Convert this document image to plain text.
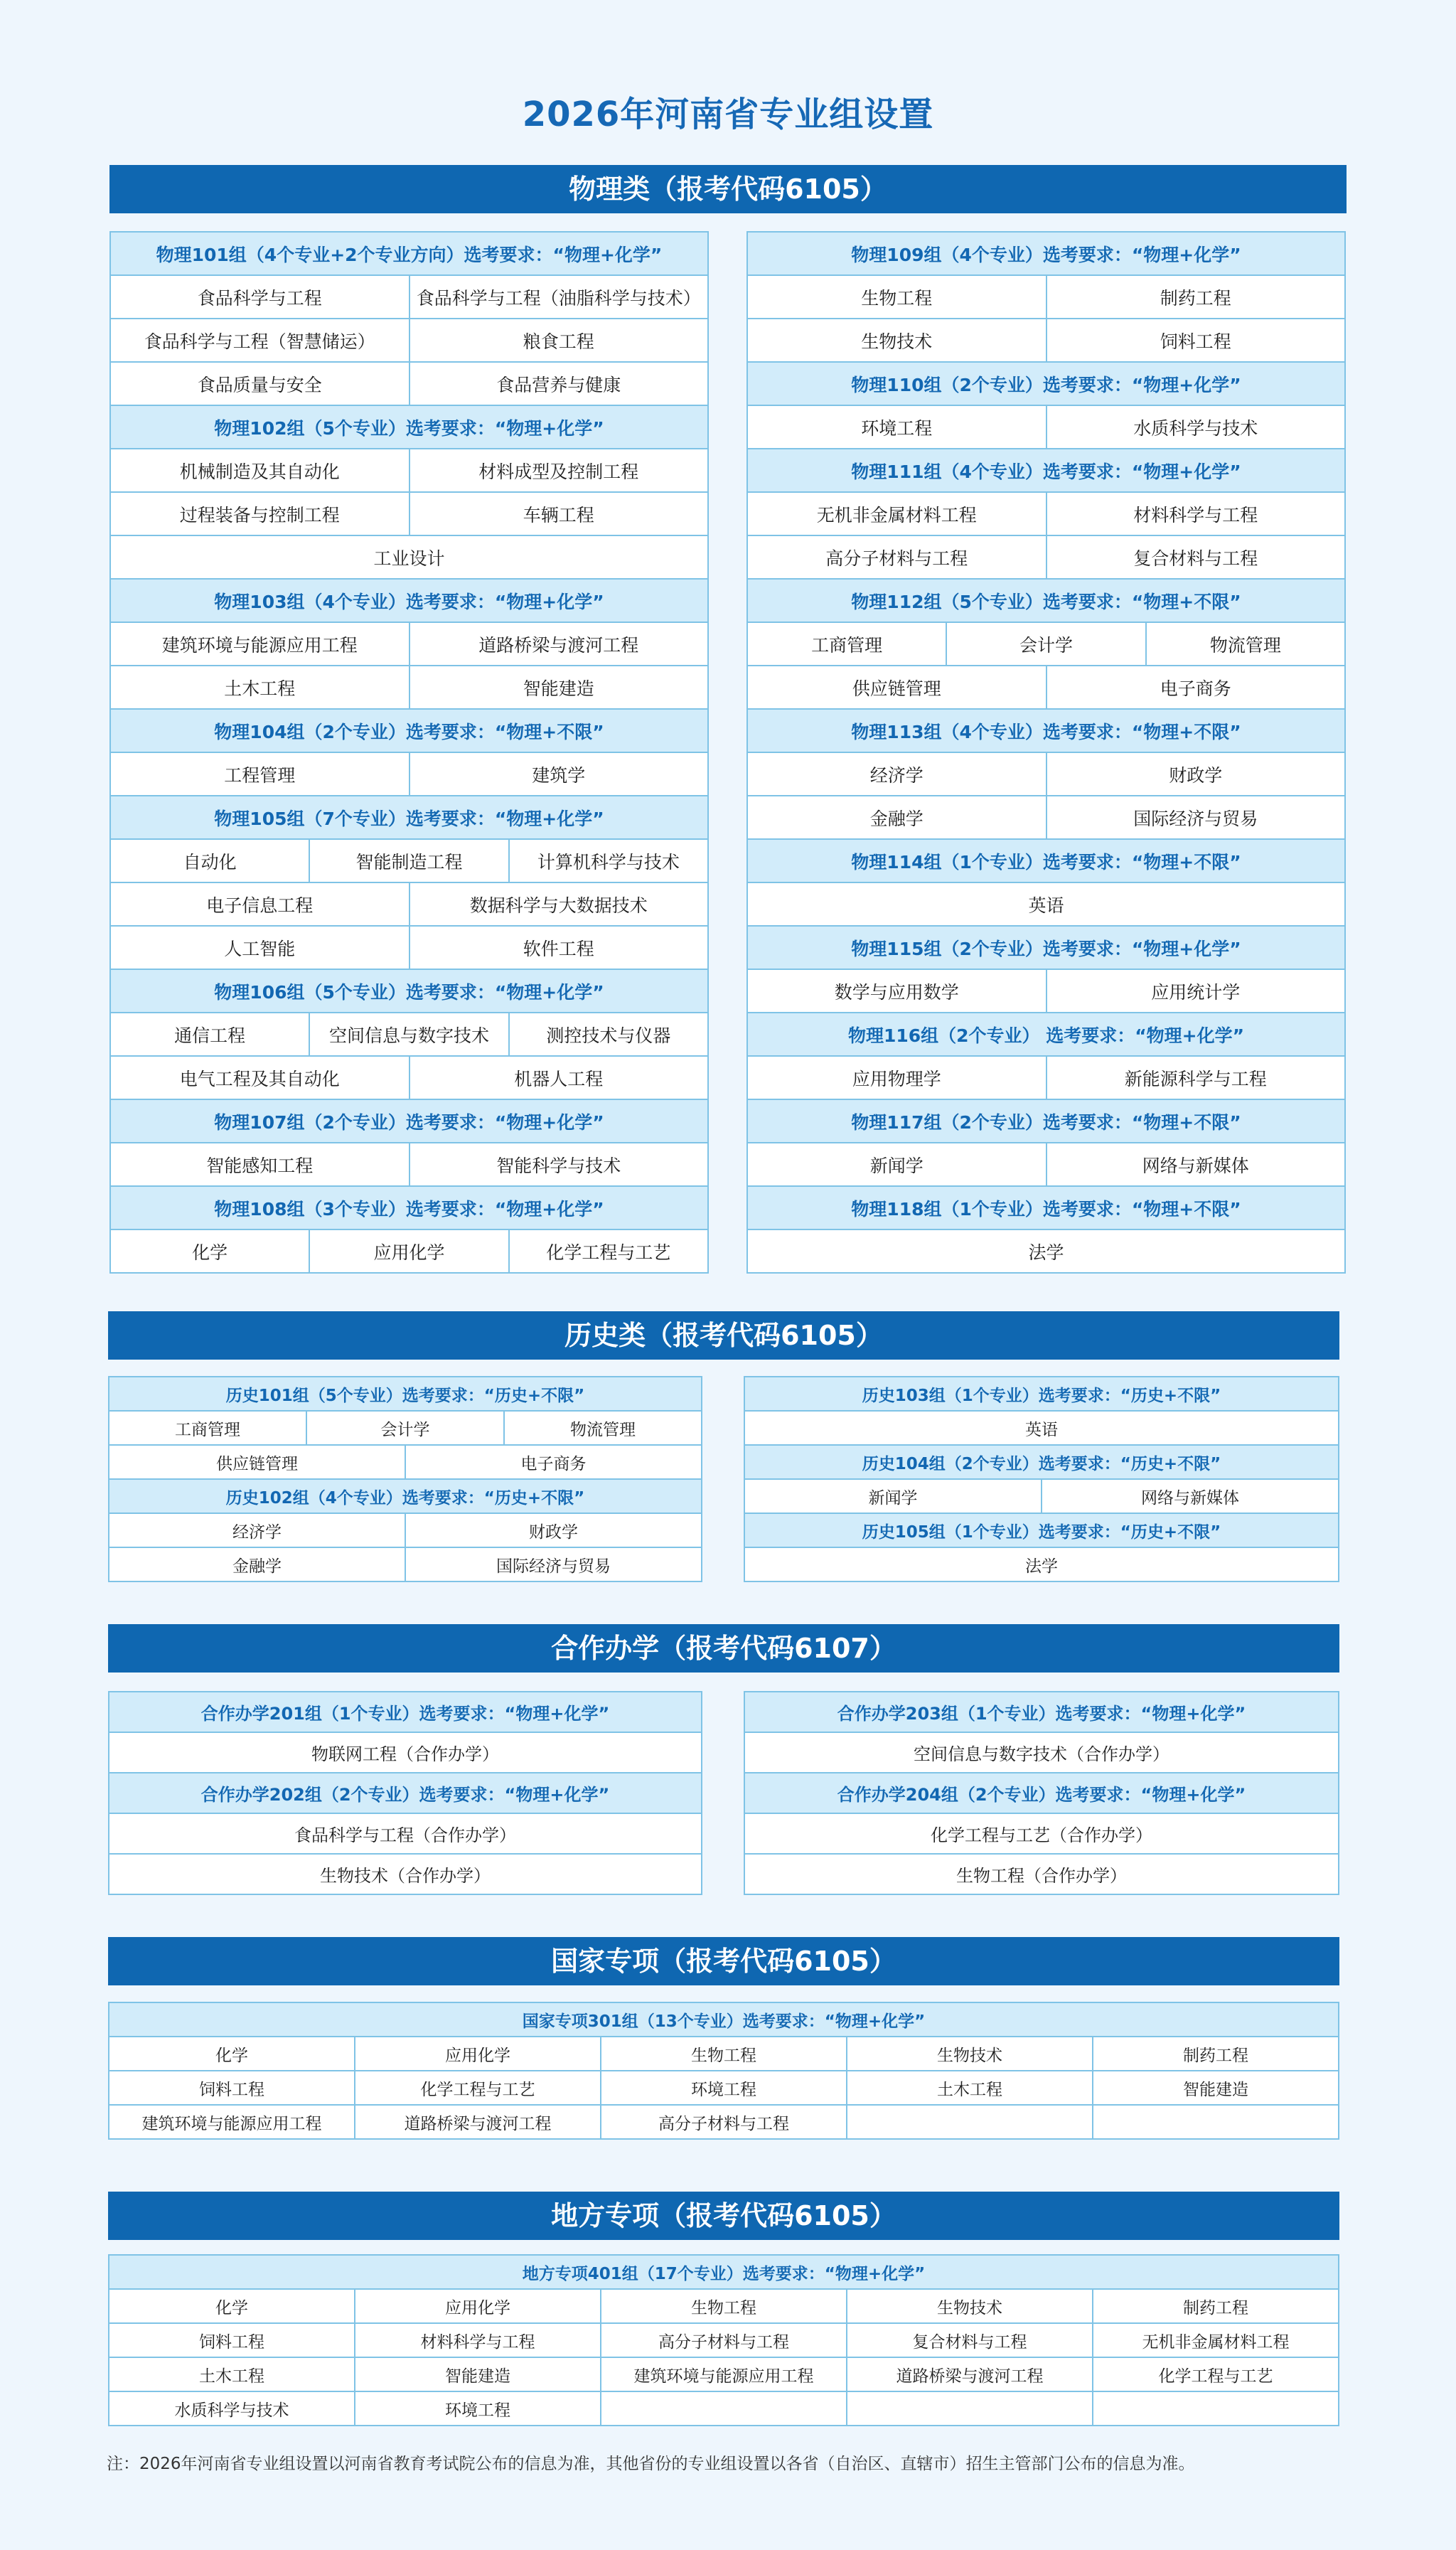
2026年河南省专业组设置
物理类（报考代码6105）
物理101组（4个专业+2个专业方向）选考要求：“物理+化学”
食品科学与工程	食品科学与工程（油脂科学与技术）
食品科学与工程（智慧储运）	粮食工程
食品质量与安全	食品营养与健康
物理102组（5个专业）选考要求：“物理+化学”
机械制造及其自动化	材料成型及控制工程
过程装备与控制工程	车辆工程
工业设计
物理103组（4个专业）选考要求：“物理+化学”
建筑环境与能源应用工程	道路桥梁与渡河工程
土木工程	智能建造
物理104组（2个专业）选考要求：“物理+不限”
工程管理	建筑学
物理105组（7个专业）选考要求：“物理+化学”
自动化	智能制造工程	计算机科学与技术
电子信息工程	数据科学与大数据技术
人工智能	软件工程
物理106组（5个专业）选考要求：“物理+化学”
通信工程	空间信息与数字技术	测控技术与仪器
电气工程及其自动化	机器人工程
物理107组（2个专业）选考要求：“物理+化学”
智能感知工程	智能科学与技术
物理108组（3个专业）选考要求：“物理+化学”
化学	应用化学	化学工程与工艺
物理109组（4个专业）选考要求：“物理+化学”
生物工程	制药工程
生物技术	饲料工程
物理110组（2个专业）选考要求：“物理+化学”
环境工程	水质科学与技术
物理111组（4个专业）选考要求：“物理+化学”
无机非金属材料工程	材料科学与工程
高分子材料与工程	复合材料与工程
物理112组（5个专业）选考要求：“物理+不限”
工商管理	会计学	物流管理
供应链管理	电子商务
物理113组（4个专业）选考要求：“物理+不限”
经济学	财政学
金融学	国际经济与贸易
物理114组（1个专业）选考要求：“物理+不限”
英语
物理115组（2个专业）选考要求：“物理+化学”
数学与应用数学	应用统计学
物理116组（2个专业） 选考要求：“物理+化学”
应用物理学	新能源科学与工程
物理117组（2个专业）选考要求：“物理+不限”
新闻学	网络与新媒体
物理118组（1个专业）选考要求：“物理+不限”
法学
历史类（报考代码6105）
历史101组（5个专业）选考要求：“历史+不限”
工商管理	会计学	物流管理
供应链管理	电子商务
历史102组（4个专业）选考要求：“历史+不限”
经济学	财政学
金融学	国际经济与贸易
历史103组（1个专业）选考要求：“历史+不限”
英语
历史104组（2个专业）选考要求：“历史+不限”
新闻学	网络与新媒体
历史105组（1个专业）选考要求：“历史+不限”
法学
合作办学（报考代码6107）
合作办学201组（1个专业）选考要求：“物理+化学”
物联网工程（合作办学）
合作办学202组（2个专业）选考要求：“物理+化学”
食品科学与工程（合作办学）
生物技术（合作办学）
合作办学203组（1个专业）选考要求：“物理+化学”
空间信息与数字技术（合作办学）
合作办学204组（2个专业）选考要求：“物理+化学”
化学工程与工艺（合作办学）
生物工程（合作办学）
国家专项（报考代码6105）
国家专项301组（13个专业）选考要求：“物理+化学”
化学	应用化学	生物工程	生物技术	制药工程
饲料工程	化学工程与工艺	环境工程	土木工程	智能建造
建筑环境与能源应用工程	道路桥梁与渡河工程	高分子材料与工程
地方专项（报考代码6105）
地方专项401组（17个专业）选考要求：“物理+化学”
化学	应用化学	生物工程	生物技术	制药工程
饲料工程	材料科学与工程	高分子材料与工程	复合材料与工程	无机非金属材料工程
土木工程	智能建造	建筑环境与能源应用工程	道路桥梁与渡河工程	化学工程与工艺
水质科学与技术	环境工程
注：2026年河南省专业组设置以河南省教育考试院公布的信息为准，其他省份的专业组设置以各省（自治区、直辖市）招生主管部门公布的信息为准。
